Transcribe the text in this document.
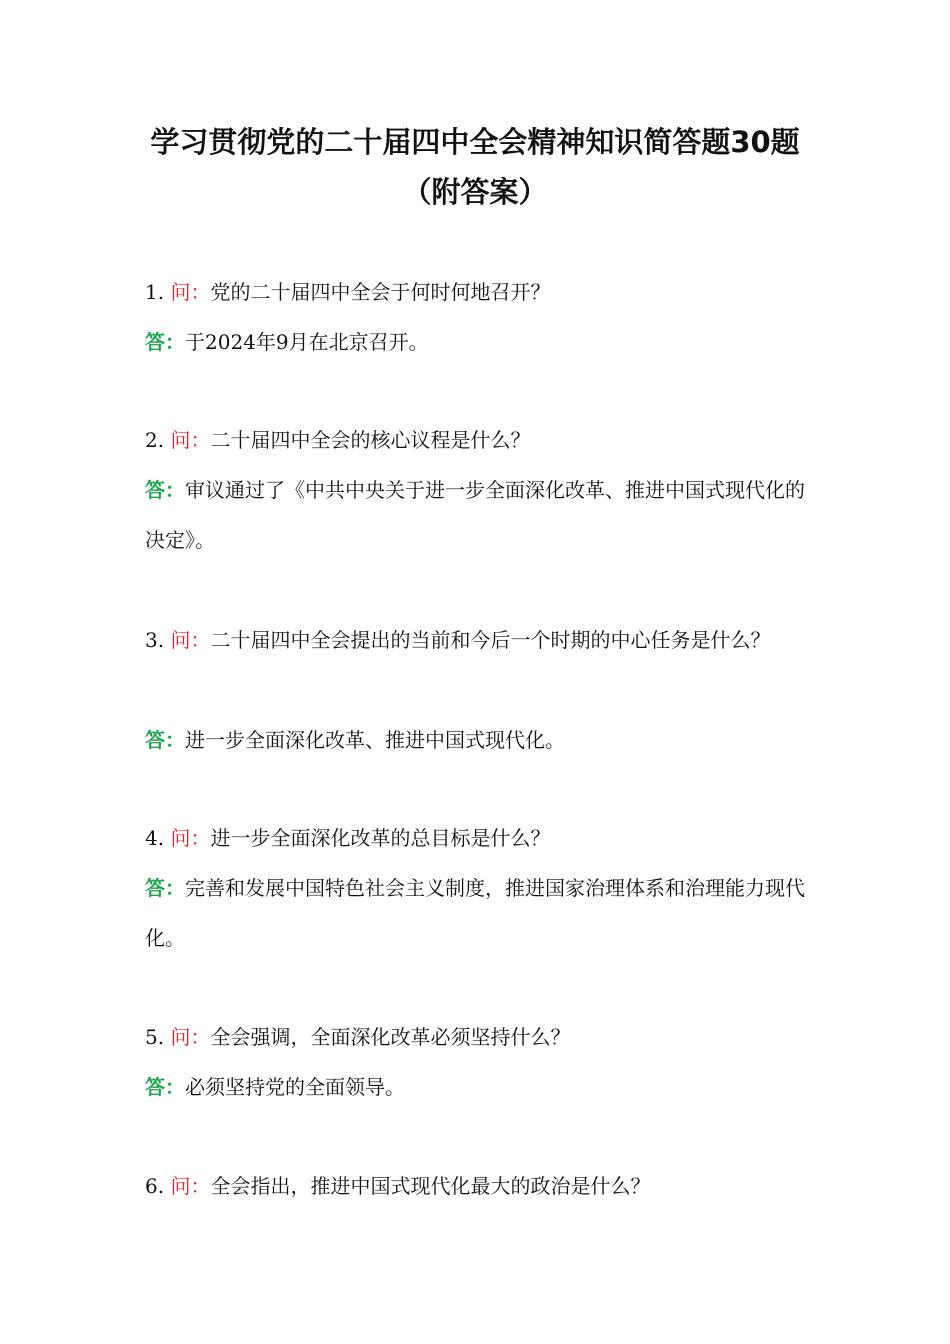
学习贯彻党的二十届四中全会精神知识简答题30题
（附答案）

1. 问：党的二十届四中全会于何时何地召开？

答：于2024年9月在北京召开。

2. 问：二十届四中全会的核心议程是什么？

答：审议通过了《中共中央关于进一步全面深化改革、推进中国式现代化的决定》。

3. 问：二十届四中全会提出的当前和今后一个时期的中心任务是什么？

答：进一步全面深化改革、推进中国式现代化。

4. 问：进一步全面深化改革的总目标是什么？

答：完善和发展中国特色社会主义制度，推进国家治理体系和治理能力现代化。

5. 问：全会强调，全面深化改革必须坚持什么？

答：必须坚持党的全面领导。

6. 问：全会指出，推进中国式现代化最大的政治是什么？
